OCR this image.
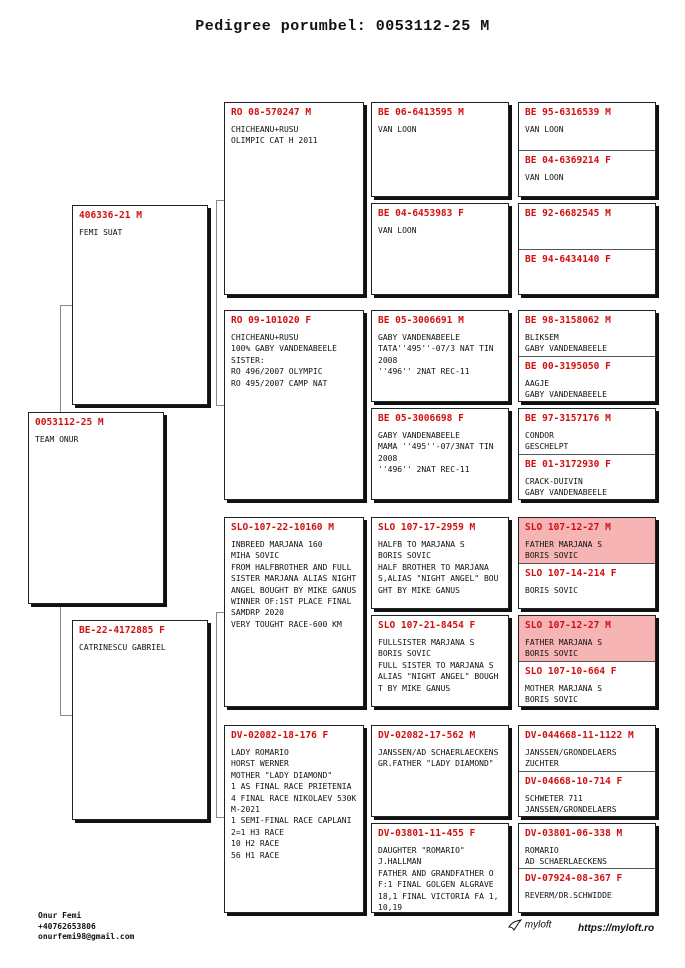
Pedigree porumbel: 0053112-25 M
0053112-25 M
TEAM ONUR
406336-21 M
FEMI SUAT
BE-22-4172885 F
CATRINESCU GABRIEL
RO 08-570247 M
CHICHEANU+RUSU
OLIMPIC CAT H 2011
RO 09-101020 F
CHICHEANU+RUSU
100% GABY VANDENABEELE
SISTER:
RO 496/2007 OLYMPIC
RO 495/2007 CAMP NAT
SLO-107-22-10160 M
INBREED MARJANA 160
MIHA SOVIC
FROM HALFBROTHER AND FULL SISTER MARJANA ALIAS NIGHT ANGEL BOUGHT BY MIKE GANUS WINNER OF:1ST PLACE FINAL SAMDRP 2020
VERY TOUGHT RACE-600 KM
DV-02082-18-176 F
LADY ROMARIO
HORST WERNER
MOTHER "LADY DIAMOND"
1 AS FINAL RACE PRIETENIA
4 FINAL RACE NIKOLAEV 530KM-2021
1 SEMI-FINAL RACE CAPLANI
2=1 H3 RACE
10 H2 RACE
56 H1 RACE
BE 06-6413595 M
VAN LOON
BE 04-6453983 F
VAN LOON
BE 05-3006691 M
GABY VANDENABEELE
TATA''495''-07/3 NAT TIN 2008
''496'' 2NAT REC-11
BE 05-3006698 F
GABY VANDENABEELE
MAMA ''495''-07/3NAT TIN 2008
''496'' 2NAT REC-11
SLO 107-17-2959 M
HALFB TO MARJANA S
BORIS SOVIC
HALF BROTHER TO MARJANA S,ALIAS "NIGHT ANGEL" BOUGHT BY MIKE GANUS
SLO 107-21-8454 F
FULLSISTER MARJANA S
BORIS SOVIC
FULL SISTER TO MARJANA S ALIAS "NIGHT ANGEL" BOUGHT BY MIKE GANUS
DV-02082-17-562 M
JANSSEN/AD SCHAERLAECKENS
GR.FATHER "LADY DIAMOND"
DV-03801-11-455 F
DAUGHTER "ROMARIO"
J.HALLMAN
FATHER AND GRANDFATHER OF:1 FINAL GOLGEN ALGRAVE 18,1 FINAL VICTORIA FA 1,10,19
BE 95-6316539 M
VAN LOON
BE 04-6369214 F
VAN LOON
BE 92-6682545 M
BE 94-6434140 F
BE 98-3158062 M
BLIKSEM
GABY VANDENABEELE
BE 00-3195050 F
AAGJE
GABY VANDENABEELE
BE 97-3157176 M
CONDOR
GESCHELPT
BE 01-3172930 F
CRACK-DUIVIN
GABY VANDENABEELE
SLO 107-12-27 M
FATHER MARJANA S
BORIS SOVIC
SLO 107-14-214 F
BORIS SOVIC
SLO 107-12-27 M
FATHER MARJANA S
BORIS SOVIC
SLO 107-10-664 F
MOTHER MARJANA S
BORIS SOVIC
DV-044668-11-1122 M
JANSSEN/GRONDELAERS
ZUCHTER
DV-04668-10-714 F
SCHWETER 711
JANSSEN/GRONDELAERS
DV-03801-06-338 M
ROMARIO
AD SCHAERLAECKENS
DV-07924-08-367 F
REVERM/DR.SCHWIDDE
Onur Femi
+40762653806
onurfemi98@gmail.com
myloft	https://myloft.ro
